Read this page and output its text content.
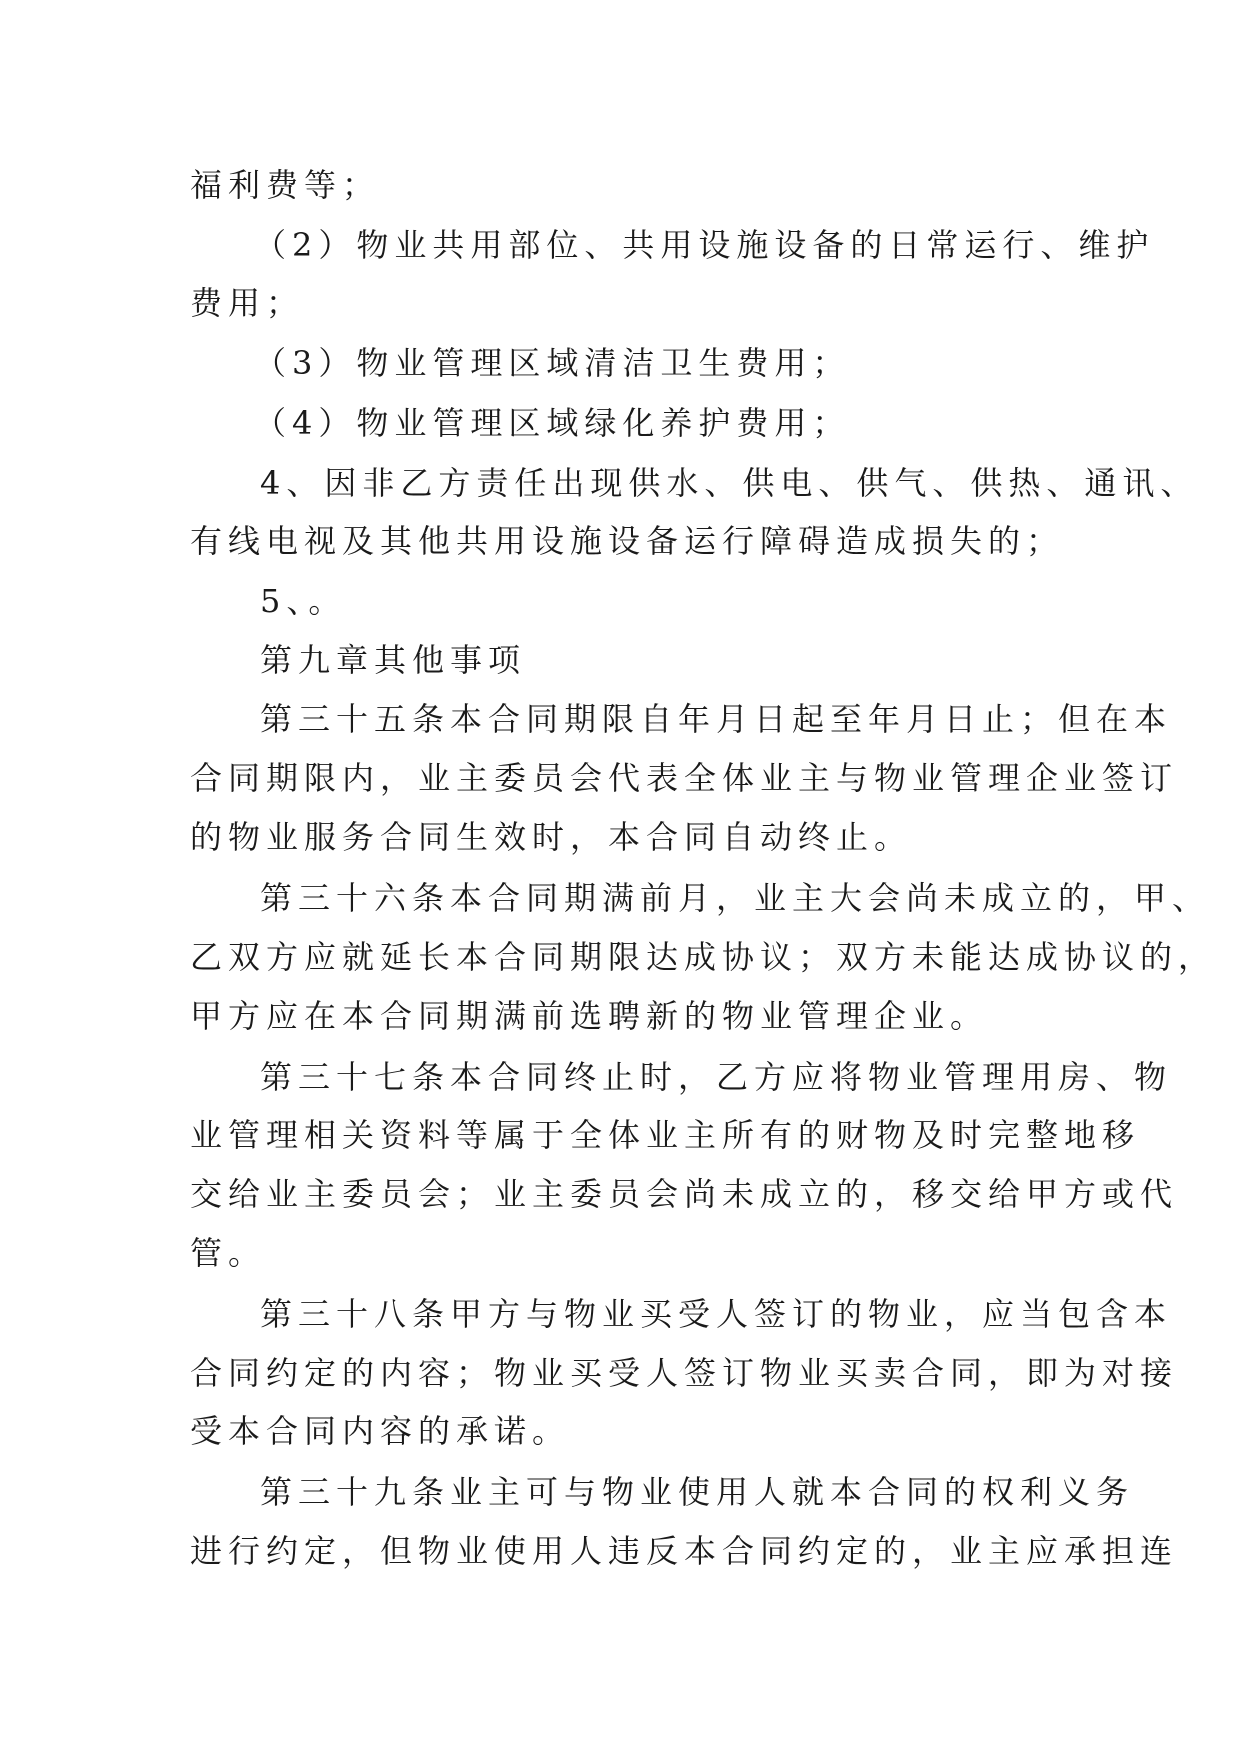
福利费等；
（2）物业共用部位、共用设施设备的日常运行、维护
费用；
（3）物业管理区域清洁卫生费用；
（4）物业管理区域绿化养护费用；
4、因非乙方责任出现供水、供电、供气、供热、通讯、
有线电视及其他共用设施设备运行障碍造成损失的；
5、。
第九章其他事项
第三十五条本合同期限自年月日起至年月日止；但在本
合同期限内，业主委员会代表全体业主与物业管理企业签订
的物业服务合同生效时，本合同自动终止。
第三十六条本合同期满前月，业主大会尚未成立的，甲、
乙双方应就延长本合同期限达成协议；双方未能达成协议的，
甲方应在本合同期满前选聘新的物业管理企业。
第三十七条本合同终止时，乙方应将物业管理用房、物
业管理相关资料等属于全体业主所有的财物及时完整地移
交给业主委员会；业主委员会尚未成立的，移交给甲方或代
管。
第三十八条甲方与物业买受人签订的物业，应当包含本
合同约定的内容；物业买受人签订物业买卖合同，即为对接
受本合同内容的承诺。
第三十九条业主可与物业使用人就本合同的权利义务
进行约定，但物业使用人违反本合同约定的，业主应承担连
